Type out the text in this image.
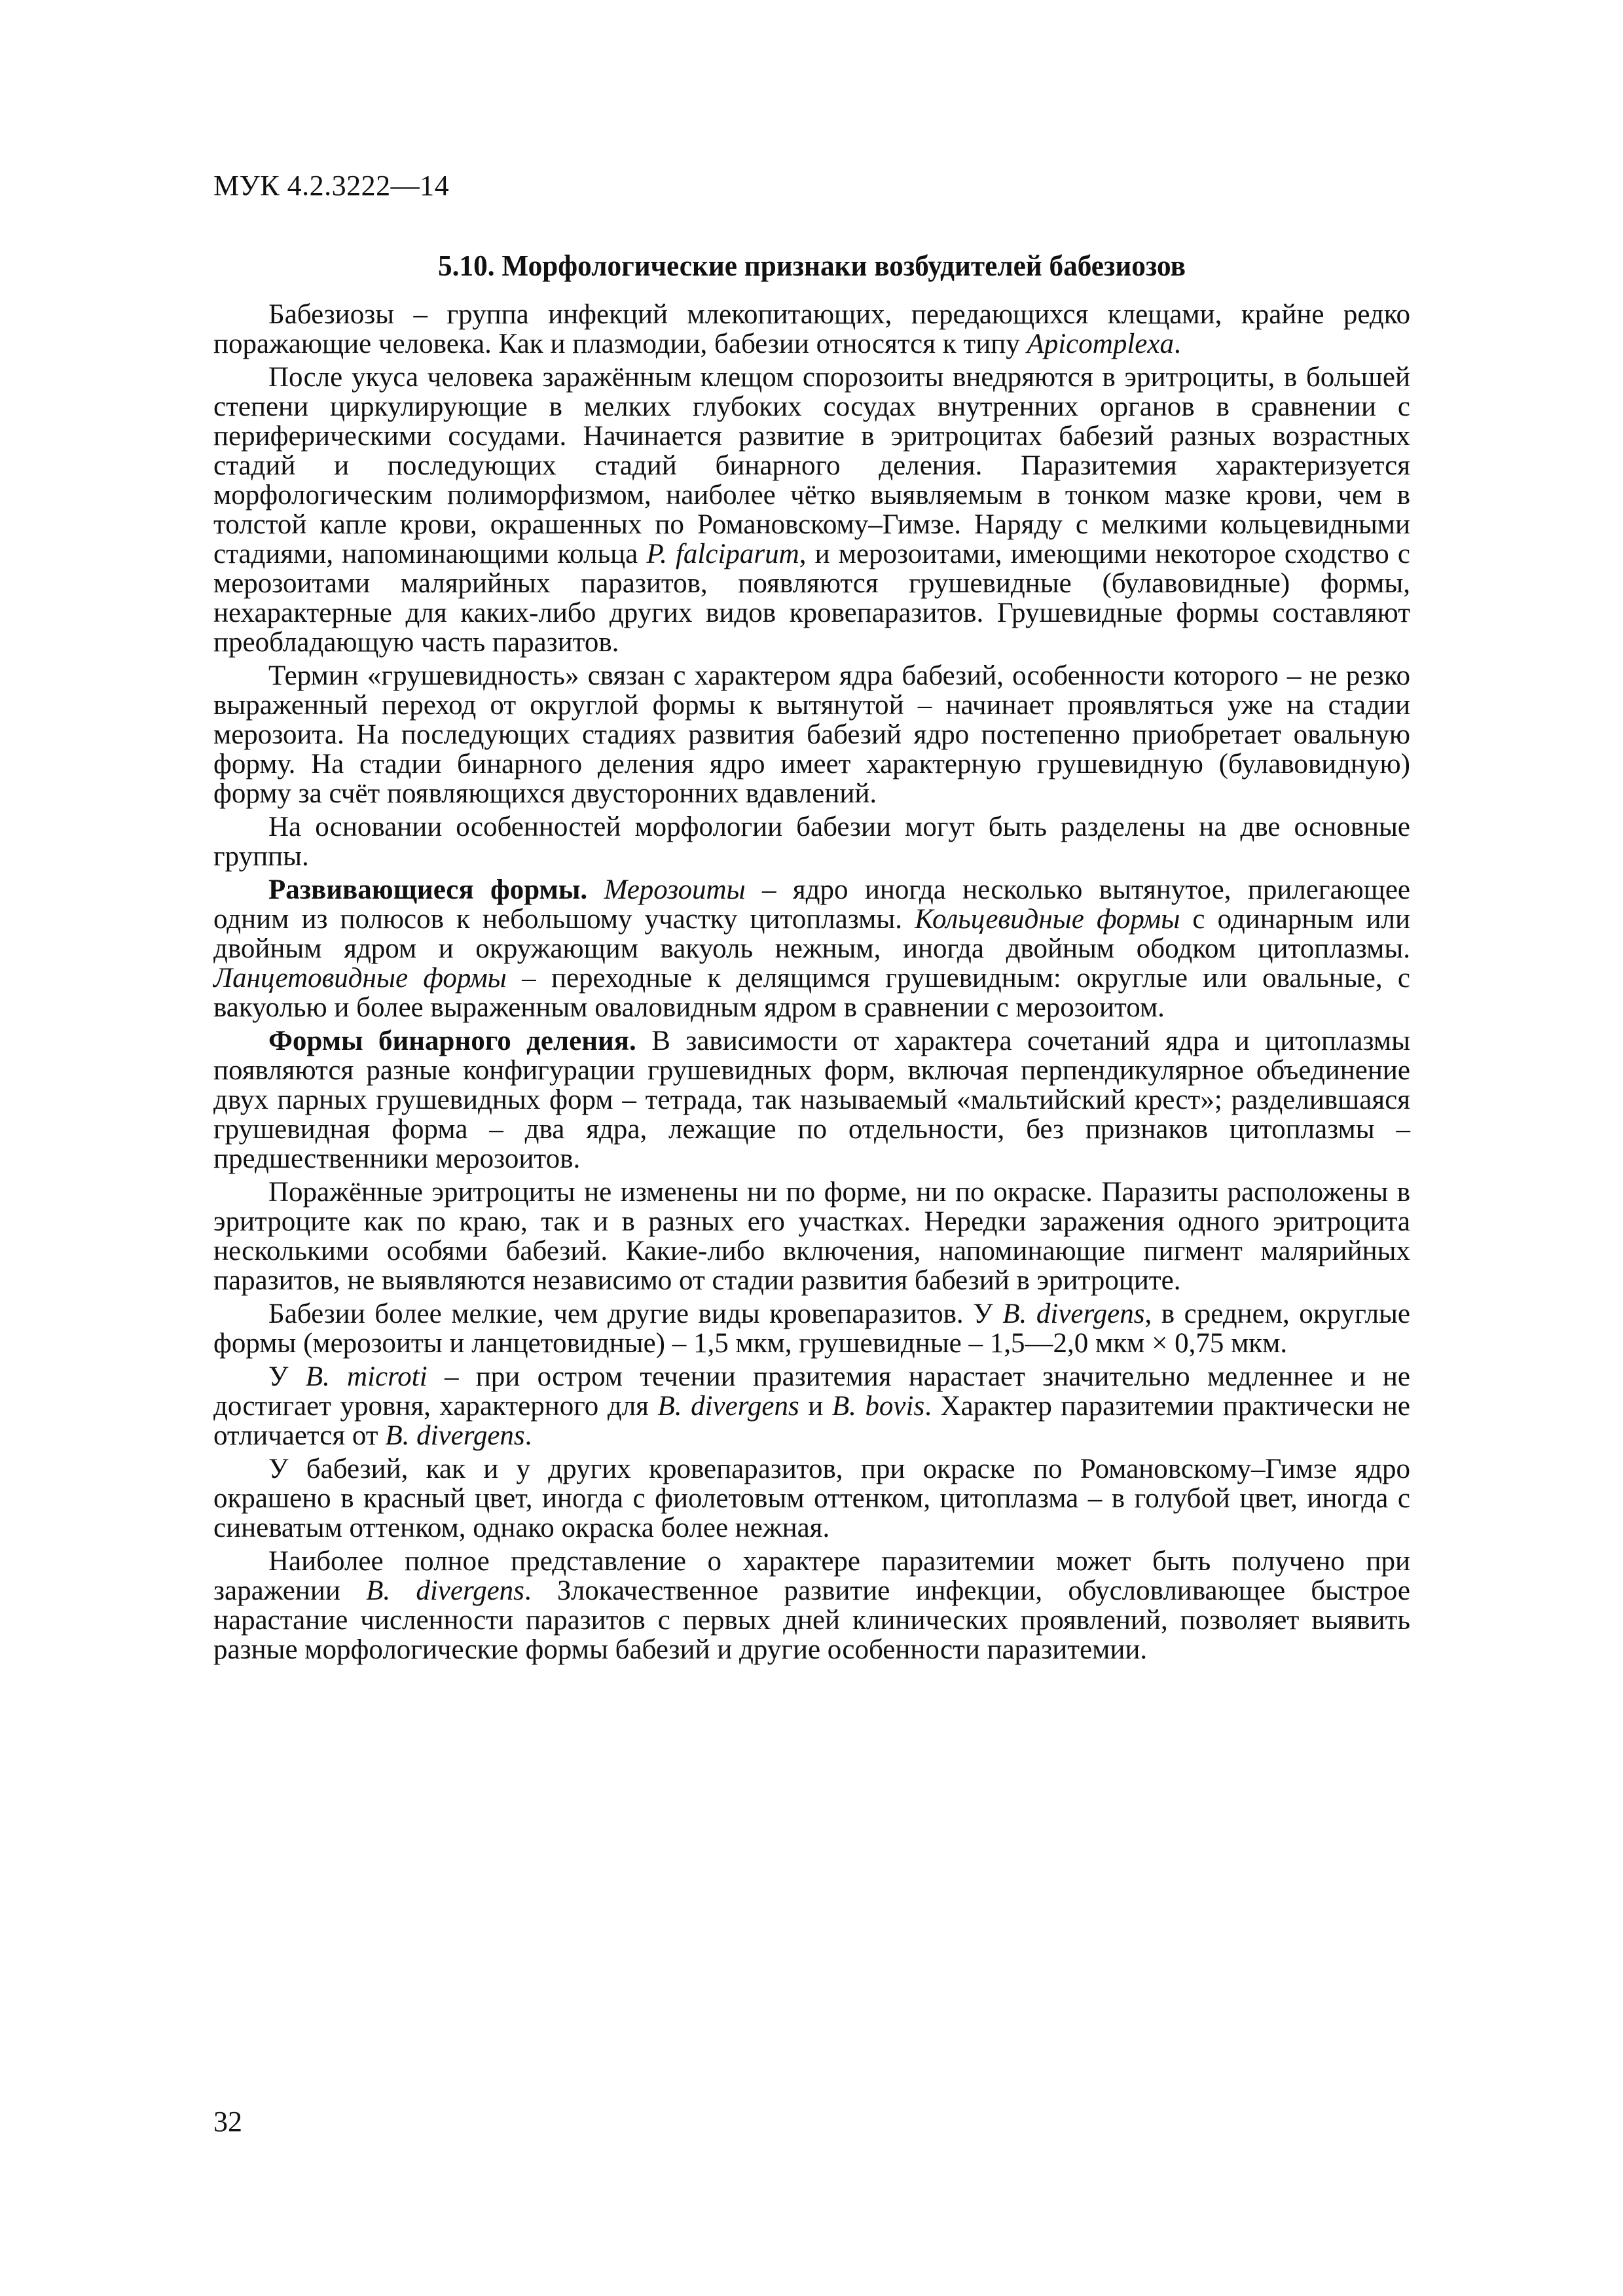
МУК 4.2.3222—14
5.10. Морфологические признаки возбудителей бабезиозов

Бабезиозы – группа инфекций млекопитающих, передающихся клещами, крайне редко поражающие человека. Как и плазмодии, бабезии относятся к типу Apicomplexa.

После укуса человека заражённым клещом спорозоиты внедряются в эритроциты, в большей степени циркулирующие в мелких глубоких сосудах внутренних органов в сравнении с периферическими сосудами. Начинается развитие в эритроцитах бабезий разных возрастных стадий и последующих стадий бинарного деления. Паразитемия характеризуется морфологическим полиморфизмом, наиболее чётко выявляемым в тонком мазке крови, чем в толстой капле крови, окрашенных по Романовскому–Гимзе. Наряду с мелкими кольцевидными стадиями, напоминающими кольца P. falciparum, и мерозоитами, имеющими некоторое сходство с мерозоитами малярийных паразитов, появляются грушевидные (булавовидные) формы, нехарактерные для каких-либо других видов кровепаразитов. Грушевидные формы составляют преобладающую часть паразитов.

Термин «грушевидность» связан с характером ядра бабезий, особенности которого – не резко выраженный переход от округлой формы к вытянутой – начинает проявляться уже на стадии мерозоита. На последующих стадиях развития бабезий ядро постепенно приобретает овальную форму. На стадии бинарного деления ядро имеет характерную грушевидную (булавовидную) форму за счёт появляющихся двусторонних вдавлений.

На основании особенностей морфологии бабезии могут быть разделены на две основные группы.

Развивающиеся формы. Мерозоиты – ядро иногда несколько вытянутое, прилегающее одним из полюсов к небольшому участку цитоплазмы. Кольцевидные формы с одинарным или двойным ядром и окружающим вакуоль нежным, иногда двойным ободком цитоплазмы. Ланцетовидные формы – переходные к делящимся грушевидным: округлые или овальные, с вакуолью и более выраженным оваловидным ядром в сравнении с мерозоитом.

Формы бинарного деления. В зависимости от характера сочетаний ядра и цитоплазмы появляются разные конфигурации грушевидных форм, включая перпендикулярное объединение двух парных грушевидных форм – тетрада, так называемый «мальтийский крест»; разделившаяся грушевидная форма – два ядра, лежащие по отдельности, без признаков цитоплазмы – предшественники мерозоитов.

Поражённые эритроциты не изменены ни по форме, ни по окраске. Паразиты расположены в эритроците как по краю, так и в разных его участках. Нередки заражения одного эритроцита несколькими особями бабезий. Какие-либо включения, напоминающие пигмент малярийных паразитов, не выявляются независимо от стадии развития бабезий в эритроците.

Бабезии более мелкие, чем другие виды кровепаразитов. У B. divergens, в среднем, округлые формы (мерозоиты и ланцетовидные) – 1,5 мкм, грушевидные – 1,5—2,0 мкм × 0,75 мкм.

У B. microti – при остром течении празитемия нарастает значительно медленнее и не достигает уровня, характерного для B. divergens и B. bovis. Характер паразитемии практически не отличается от B. divergens.

У бабезий, как и у других кровепаразитов, при окраске по Романовскому–Гимзе ядро окрашено в красный цвет, иногда с фиолетовым оттенком, цитоплазма – в голубой цвет, иногда с синеватым оттенком, однако окраска более нежная.

Наиболее полное представление о характере паразитемии может быть получено при заражении B. divergens. Злокачественное развитие инфекции, обусловливающее быстрое нарастание численности паразитов с первых дней клинических проявлений, позволяет выявить разные морфологические формы бабезий и другие особенности паразитемии.

32
